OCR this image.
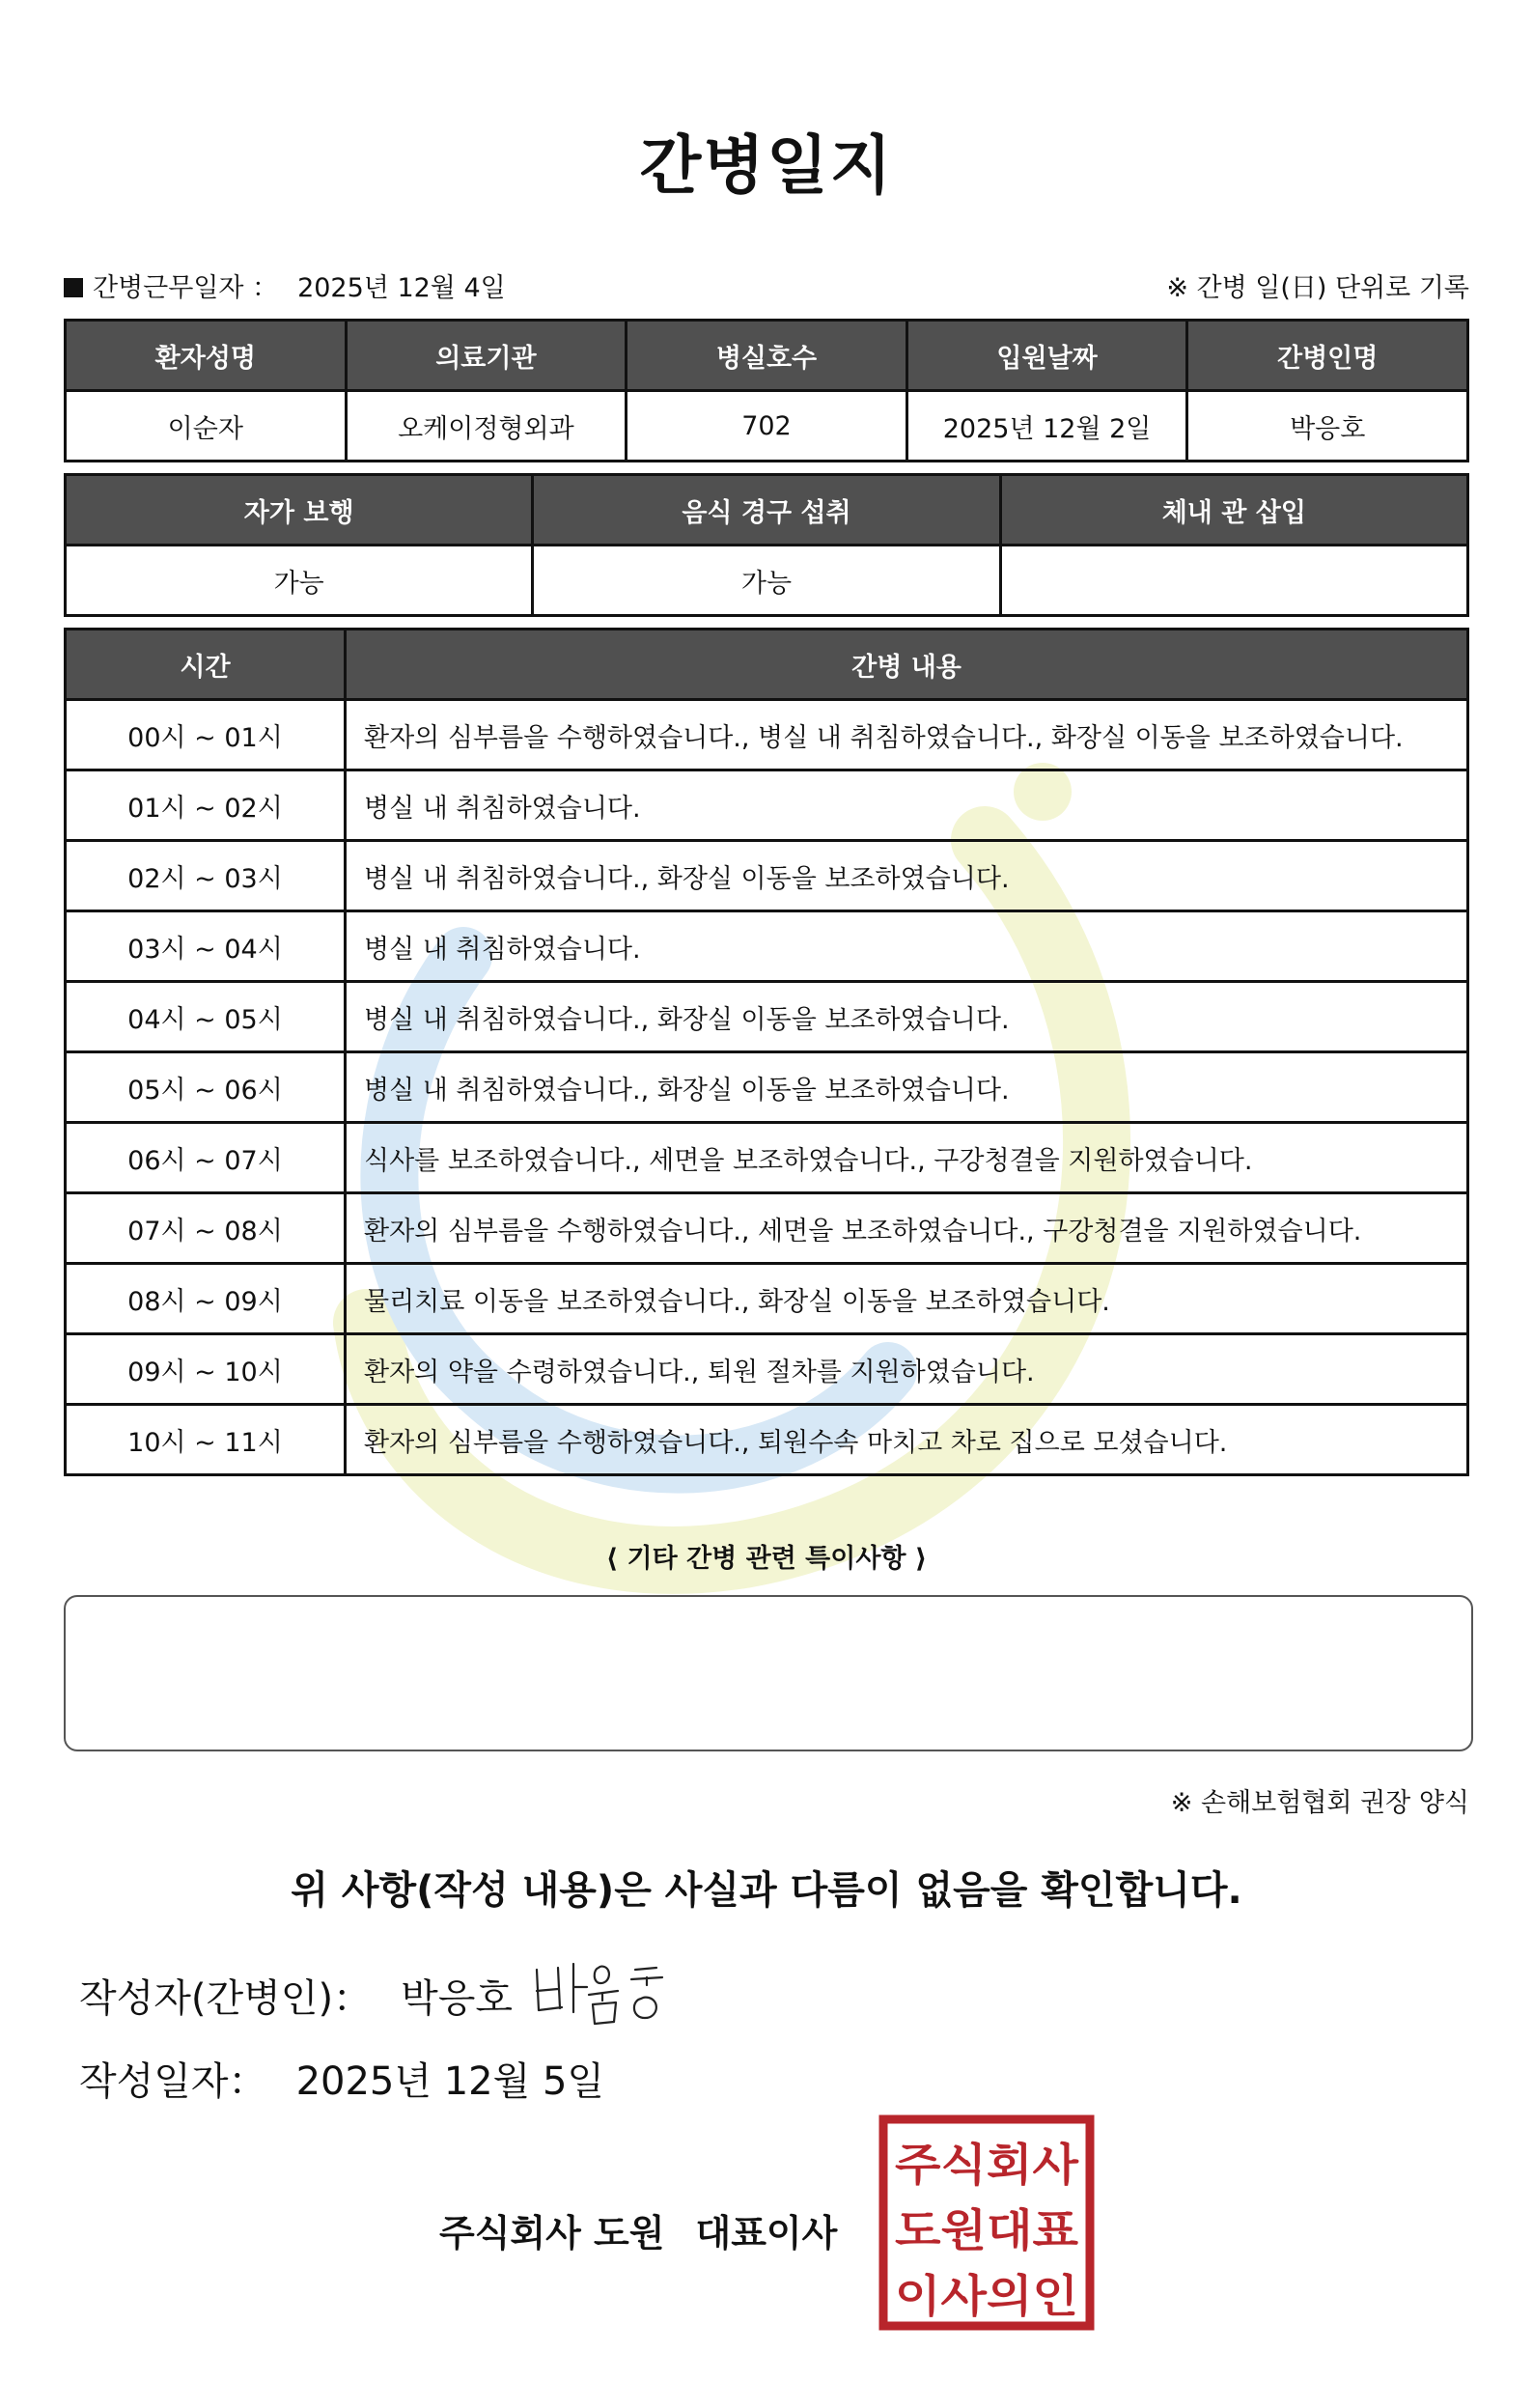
간병일지
간병근무일자 ： 2025년 12월 4일	※ 간병 일(日) 단위로 기록
환자성명	의료기관	병실호수	입원날짜	간병인명
이순자	오케이정형외과	702	2025년 12월 2일	박응호
자가 보행	음식 경구 섭취	체내 관 삽입
가능	가능	
시간	간병 내용
00시 ~ 01시	환자의 심부름을 수행하였습니다., 병실 내 취침하였습니다., 화장실 이동을 보조하였습니다.
01시 ~ 02시	병실 내 취침하였습니다.
02시 ~ 03시	병실 내 취침하였습니다., 화장실 이동을 보조하였습니다.
03시 ~ 04시	병실 내 취침하였습니다.
04시 ~ 05시	병실 내 취침하였습니다., 화장실 이동을 보조하였습니다.
05시 ~ 06시	병실 내 취침하였습니다., 화장실 이동을 보조하였습니다.
06시 ~ 07시	식사를 보조하였습니다., 세면을 보조하였습니다., 구강청결을 지원하였습니다.
07시 ~ 08시	환자의 심부름을 수행하였습니다., 세면을 보조하였습니다., 구강청결을 지원하였습니다.
08시 ~ 09시	물리치료 이동을 보조하였습니다., 화장실 이동을 보조하였습니다.
09시 ~ 10시	환자의 약을 수령하였습니다., 퇴원 절차를 지원하였습니다.
10시 ~ 11시	환자의 심부름을 수행하였습니다., 퇴원수속 마치고 차로 집으로 모셨습니다.
⟨ 기타 간병 관련 특이사항 ⟩
※ 손해보험협회 권장 양식
위 사항(작성 내용)은 사실과 다름이 없음을 확인합니다.
작성자(간병인)： 박응호
작성일자： 2025년 12월 5일
주식회사 도원 대표이사
주식회사
도원대표
이사의인
